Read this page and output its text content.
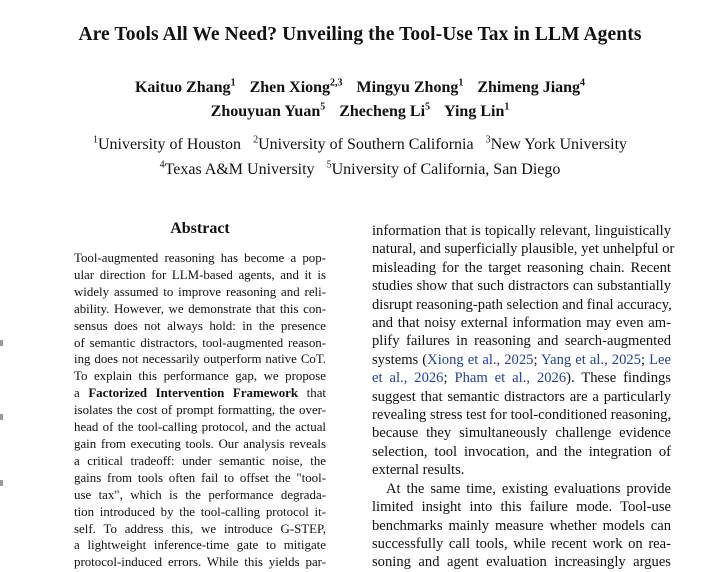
Are Tools All We Need? Unveiling the Tool-Use Tax in LLM Agents
Kaituo Zhang$^1$ Zhen Xiong$^{2,3}$ Mingyu Zhong$^1$ Zhimeng Jiang$^4$
Zhouyuan Yuan$^5$ Zhecheng Li$^5$ Ying Lin$^1$
$^1$University of Houston $^2$University of Southern California $^3$New York University
$^4$Texas A&M University $^5$University of California, San Diego
Abstract
Tool-augmented reasoning has become a pop-
ular direction for LLM-based agents, and it is
widely assumed to improve reasoning and reli-
ability. However, we demonstrate that this con-
sensus does not always hold: in the presence
of semantic distractors, tool-augmented reason-
ing does not necessarily outperform native CoT.
To explain this performance gap, we propose
a Factorized Intervention Framework that
isolates the cost of prompt formatting, the over-
head of the tool-calling protocol, and the actual
gain from executing tools. Our analysis reveals
a critical tradeoff: under semantic noise, the
gains from tools often fail to offset the "tool-
use tax", which is the performance degrada-
tion introduced by the tool-calling protocol it-
self. To address this, we introduce G-STEP,
a lightweight inference-time gate to mitigate
protocol-induced errors. While this yields par-
information that is topically relevant, linguistically
natural, and superficially plausible, yet unhelpful or
misleading for the target reasoning chain. Recent
studies show that such distractors can substantially
disrupt reasoning-path selection and final accuracy,
and that noisy external information may even am-
plify failures in reasoning and search-augmented
systems (Xiong et al., 2025; Yang et al., 2025; Lee
et al., 2026; Pham et al., 2026). These findings
suggest that semantic distractors are a particularly
revealing stress test for tool-conditioned reasoning,
because they simultaneously challenge evidence
selection, tool invocation, and the integration of
external results.
At the same time, existing evaluations provide
limited insight into this failure mode. Tool-use
benchmarks mainly measure whether models can
successfully call tools, while recent work on rea-
soning and agent evaluation increasingly argues
